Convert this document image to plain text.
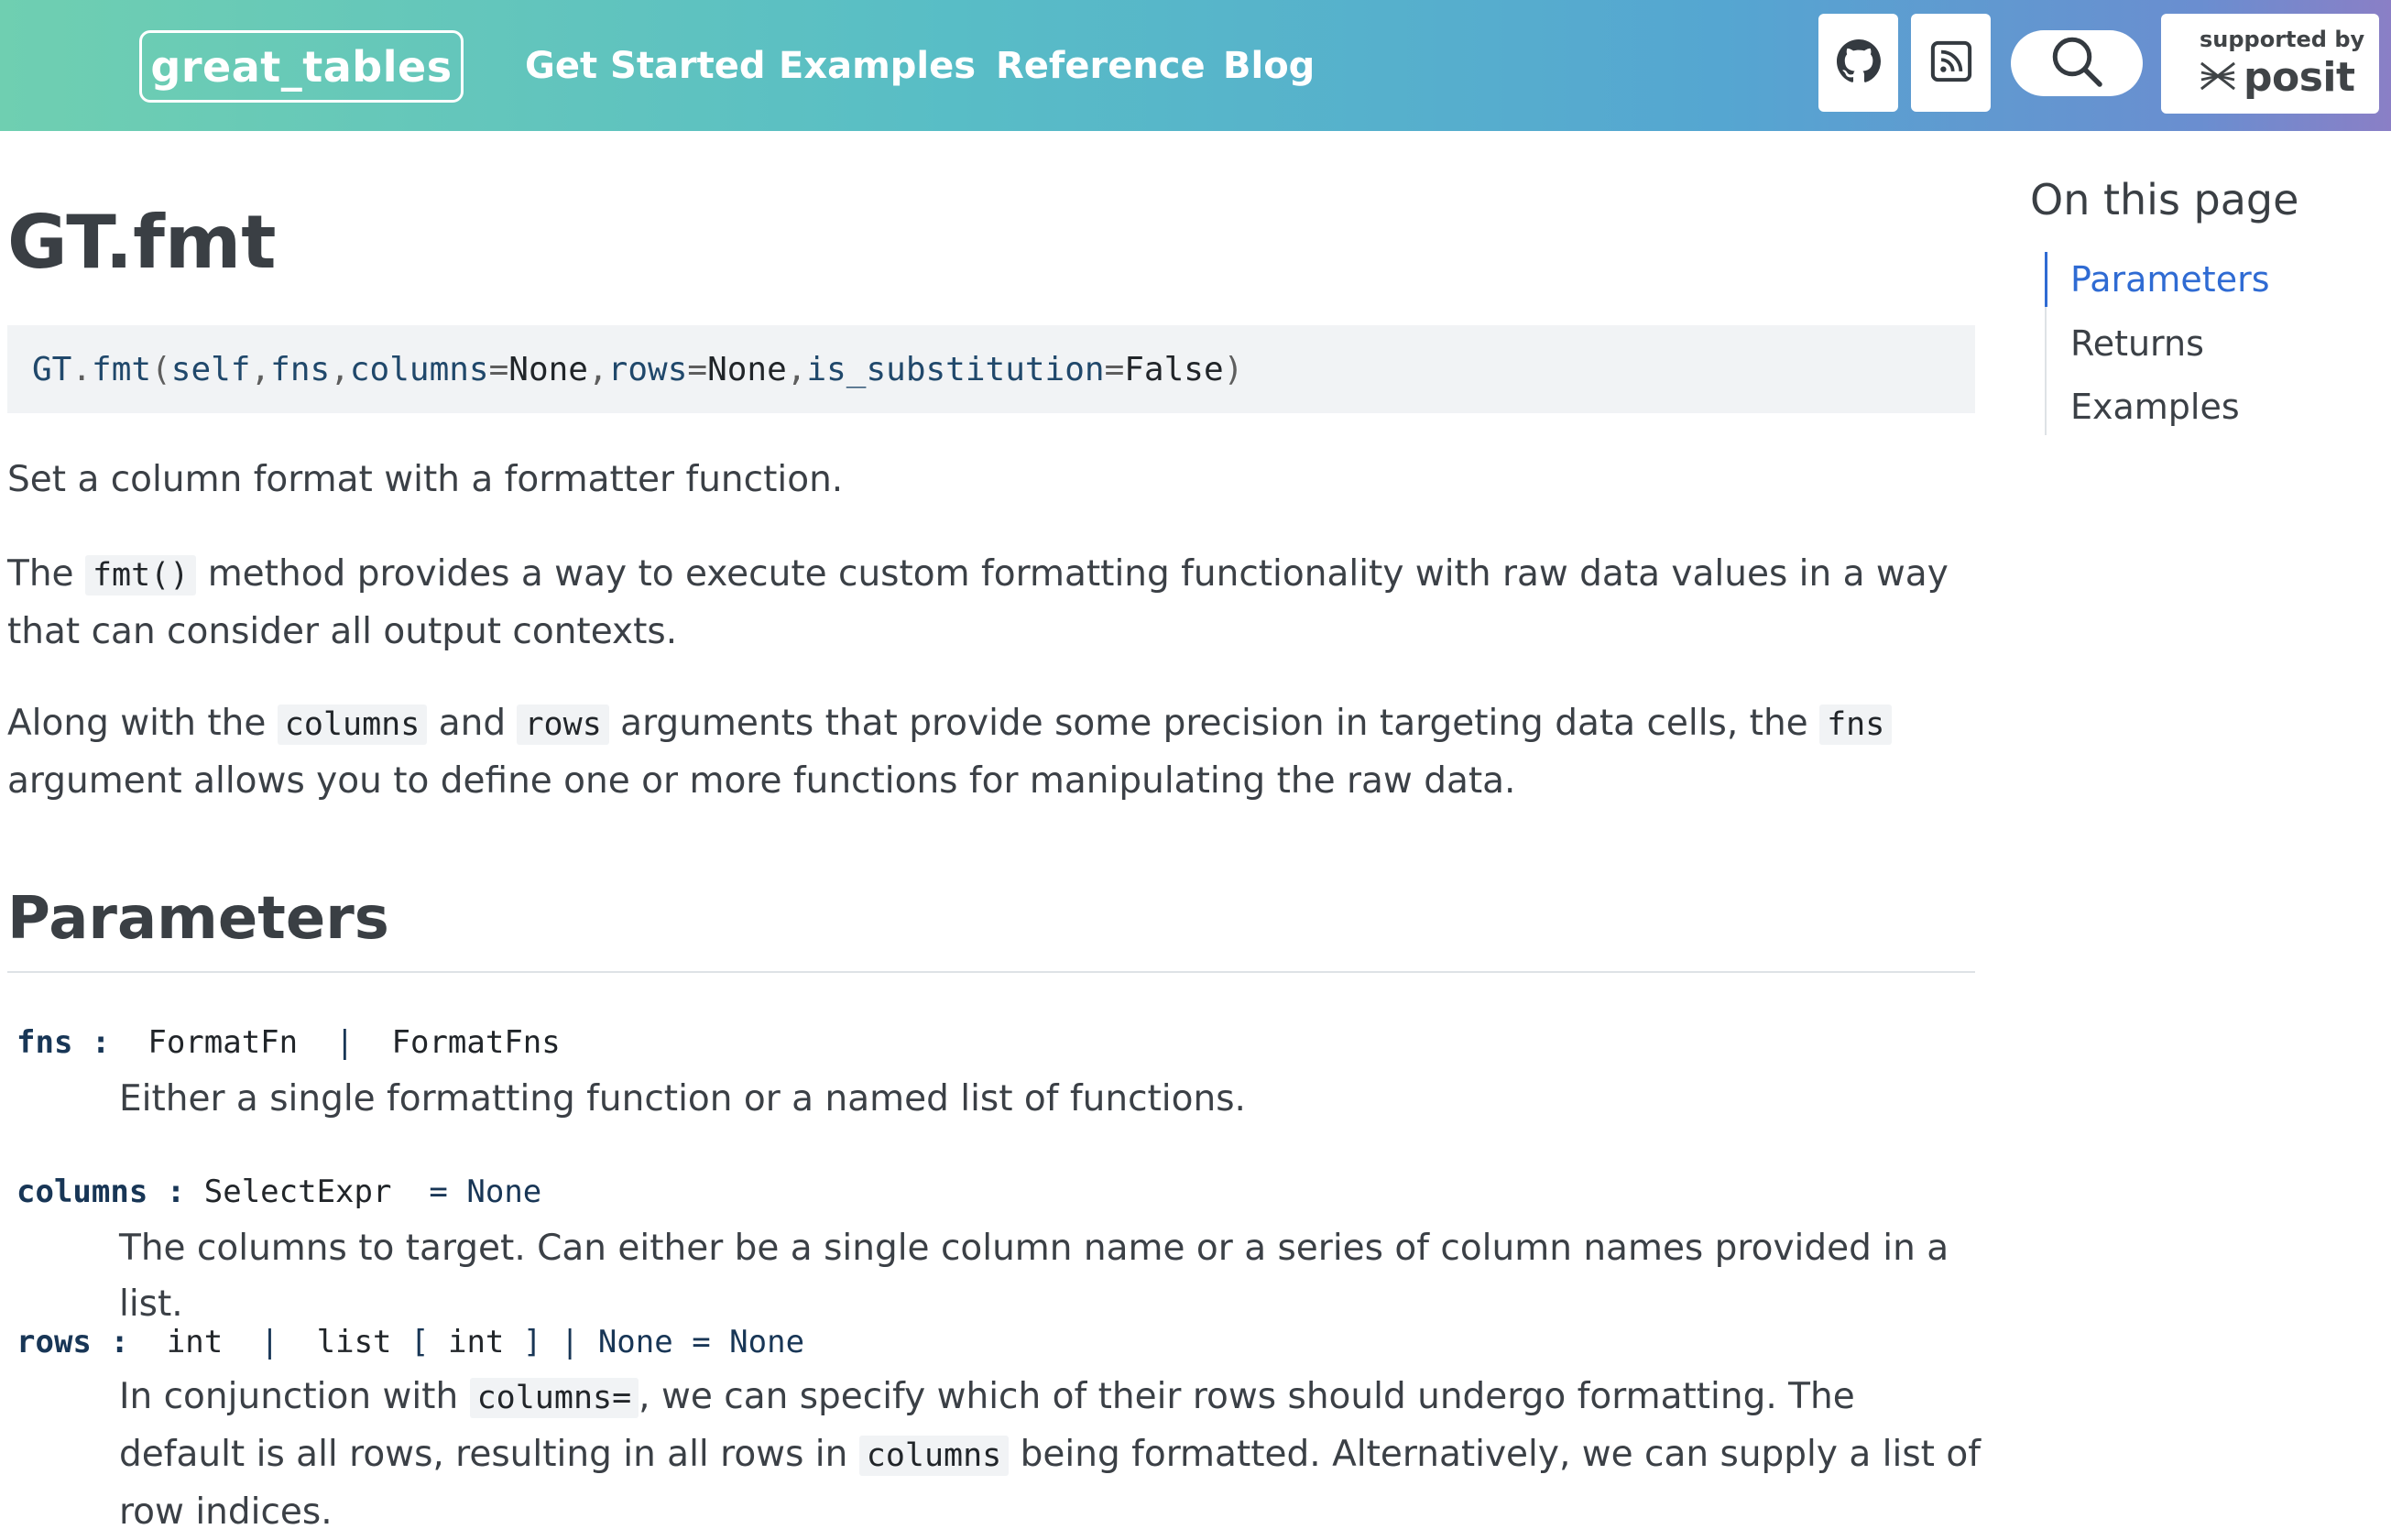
great_tables	Get Started Examples Reference Blog
supported by
posit
GT.fmt
GT . fmt ( self , fns , columns = None , rows = None , is_substitution = False )

Set a column format with a formatter function.

The fmt() method provides a way to execute custom formatting functionality with raw data values in a way that can consider all output contexts.

Along with the columns and rows arguments that provide some precision in targeting data cells, the fns argument allows you to define one or more functions for manipulating the raw data.

Parameters
fns : FormatFn | FormatFns

Either a single formatting function or a named list of functions.

columns : SelectExpr = None

The columns to target. Can either be a single column name or a series of column names provided in a list.

rows : int | list [ int ] | None = None

In conjunction with columns= , we can specify which of their rows should undergo formatting. The default is all rows, resulting in all rows in columns being formatted. Alternatively, we can supply a list of row indices.

On this page
Parameters
Returns
Examples
